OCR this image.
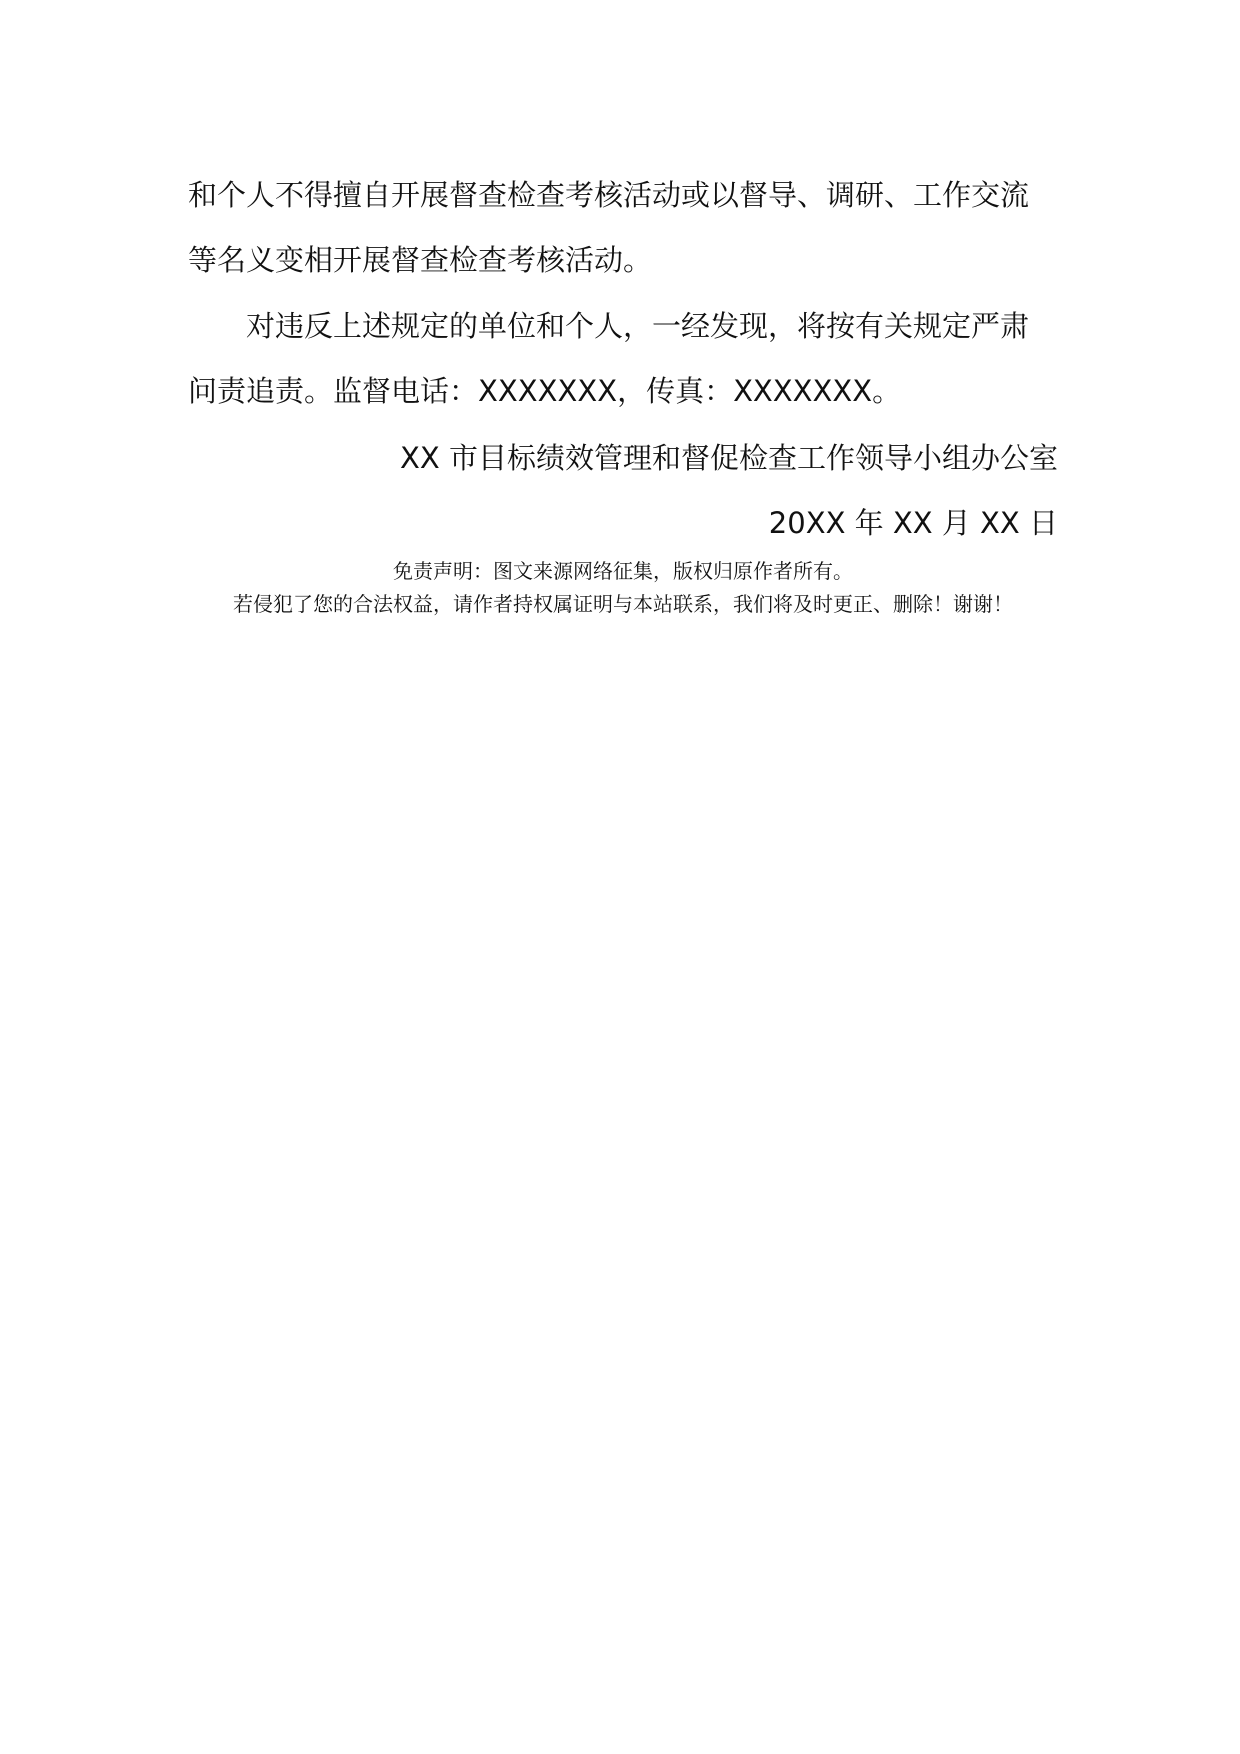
和个人不得擅自开展督查检查考核活动或以督导、调研、工作交流
等名义变相开展督查检查考核活动。

对违反上述规定的单位和个人，一经发现，将按有关规定严肃
问责追责。监督电话：XXXXXXX，传真：XXXXXXX。

XX 市目标绩效管理和督促检查工作领导小组办公室
20XX 年 XX 月 XX 日
免责声明：图文来源网络征集，版权归原作者所有。
若侵犯了您的合法权益，请作者持权属证明与本站联系，我们将及时更正、删除！谢谢！
